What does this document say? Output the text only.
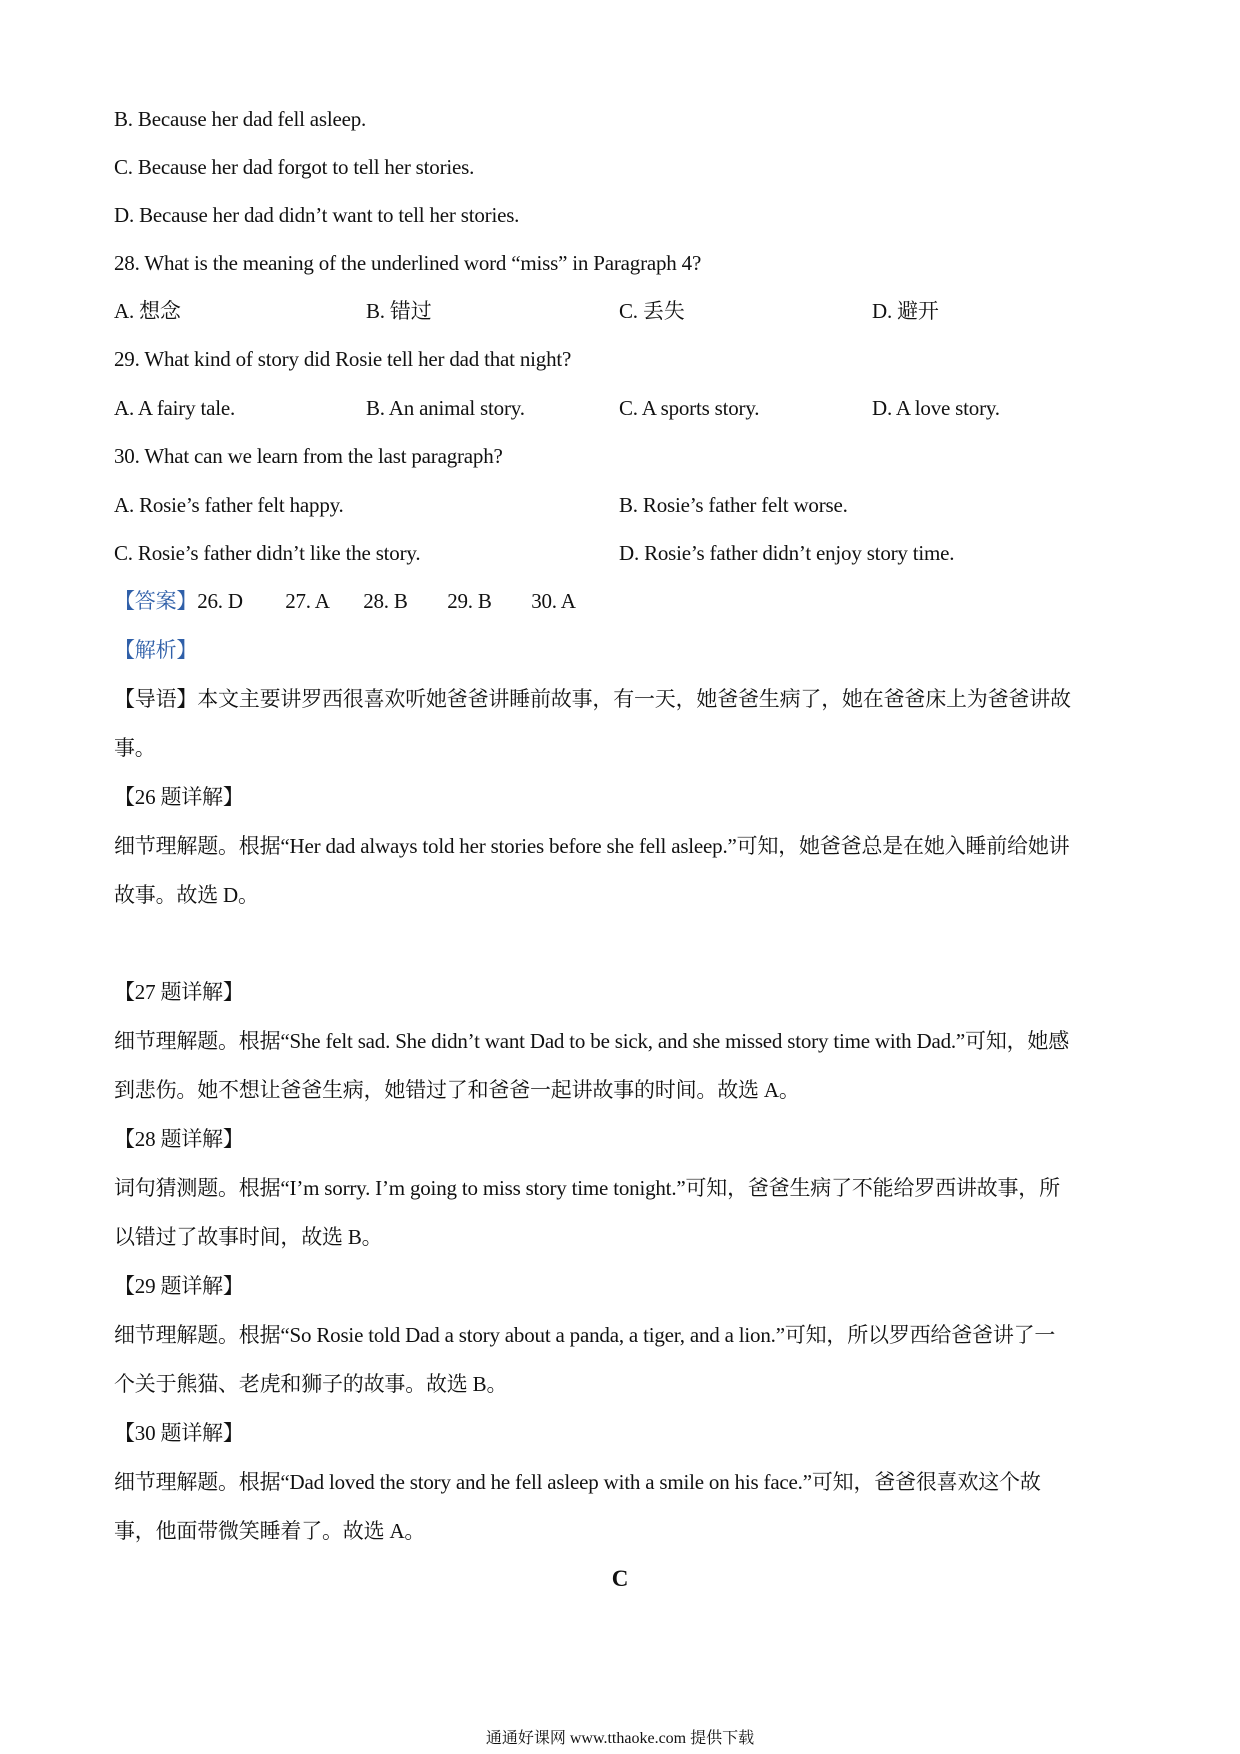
B. Because her dad fell asleep.
C. Because her dad forgot to tell her stories.
D. Because her dad didn’t want to tell her stories.
28. What is the meaning of the underlined word “miss” in Paragraph 4?
A. 想念	B. 错过	C. 丢失	D. 避开
29. What kind of story did Rosie tell her dad that night?
A. A fairy tale.	B. An animal story.	C. A sports story.	D. A love story.
30. What can we learn from the last paragraph?
A. Rosie’s father felt happy.	B. Rosie’s father felt worse.
C. Rosie’s father didn’t like the story.	D. Rosie’s father didn’t enjoy story time.
【答案】26. D 27. A 28. B 29. B 30. A
【解析】
【导语】本文主要讲罗西很喜欢听她爸爸讲睡前故事，有一天，她爸爸生病了，她在爸爸床上为爸爸讲故
事。
【26 题详解】
细节理解题。根据“Her dad always told her stories before she fell asleep.”可知，她爸爸总是在她入睡前给她讲
故事。故选 D。
【27 题详解】
细节理解题。根据“She felt sad. She didn’t want Dad to be sick, and she missed story time with Dad.”可知，她感
到悲伤。她不想让爸爸生病，她错过了和爸爸一起讲故事的时间。故选 A。
【28 题详解】
词句猜测题。根据“I’m sorry. I’m going to miss story time tonight.”可知，爸爸生病了不能给罗西讲故事，所
以错过了故事时间，故选 B。
【29 题详解】
细节理解题。根据“So Rosie told Dad a story about a panda, a tiger, and a lion.”可知，所以罗西给爸爸讲了一
个关于熊猫、老虎和狮子的故事。故选 B。
【30 题详解】
细节理解题。根据“Dad loved the story and he fell asleep with a smile on his face.”可知，爸爸很喜欢这个故
事，他面带微笑睡着了。故选 A。
C
通通好课网 www.tthaoke.com 提供下载
